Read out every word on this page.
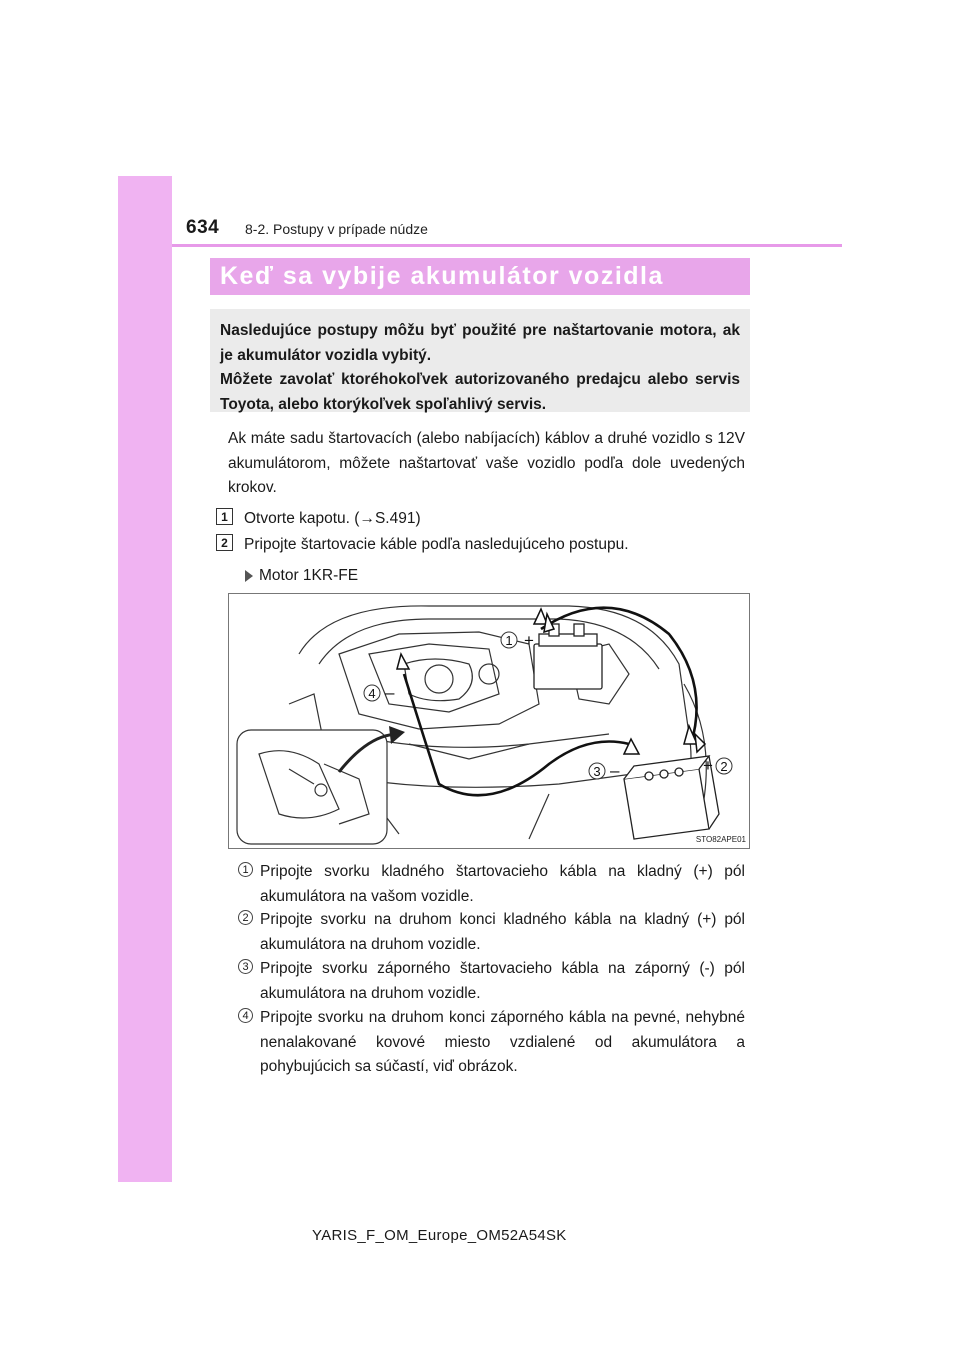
634 8-2. Postupy v prípade núdze
Keď sa vybije akumulátor vozidla

Nasledujúce postupy môžu byť použité pre naštartovanie motora, ak je akumulátor vozidla vybitý.

Môžete zavolať ktoréhokoľvek autorizovaného predajcu alebo servis Toyota, alebo ktorýkoľvek spoľahlivý servis.

Ak máte sadu štartovacích (alebo nabíjacích) káblov a druhé vozidlo s 12V akumulátorom, môžete naštartovať vaše vozidlo podľa dole uvedených krokov.

1	Otvorte kapotu. (→S.491)

2	Pripojte štartovacie káble podľa nasledujúceho postupu.

Motor 1KR-FE

1 +
2
+
3 –
4 –
STO82APE01
1 Pripojte svorku kladného štartovacieho kábla na kladný (+) pól akumulátora na vašom vozidle.

2 Pripojte svorku na druhom konci kladného kábla na kladný (+) pól akumulátora na druhom vozidle.

3 Pripojte svorku záporného štartovacieho kábla na záporný (-) pól akumulátora na druhom vozidle.

4 Pripojte svorku na druhom konci záporného kábla na pevné, nehybné nenalakované kovové miesto vzdialené od akumulátora a pohybujúcich sa súčastí, viď obrázok.

YARIS_F_OM_Europe_OM52A54SK
